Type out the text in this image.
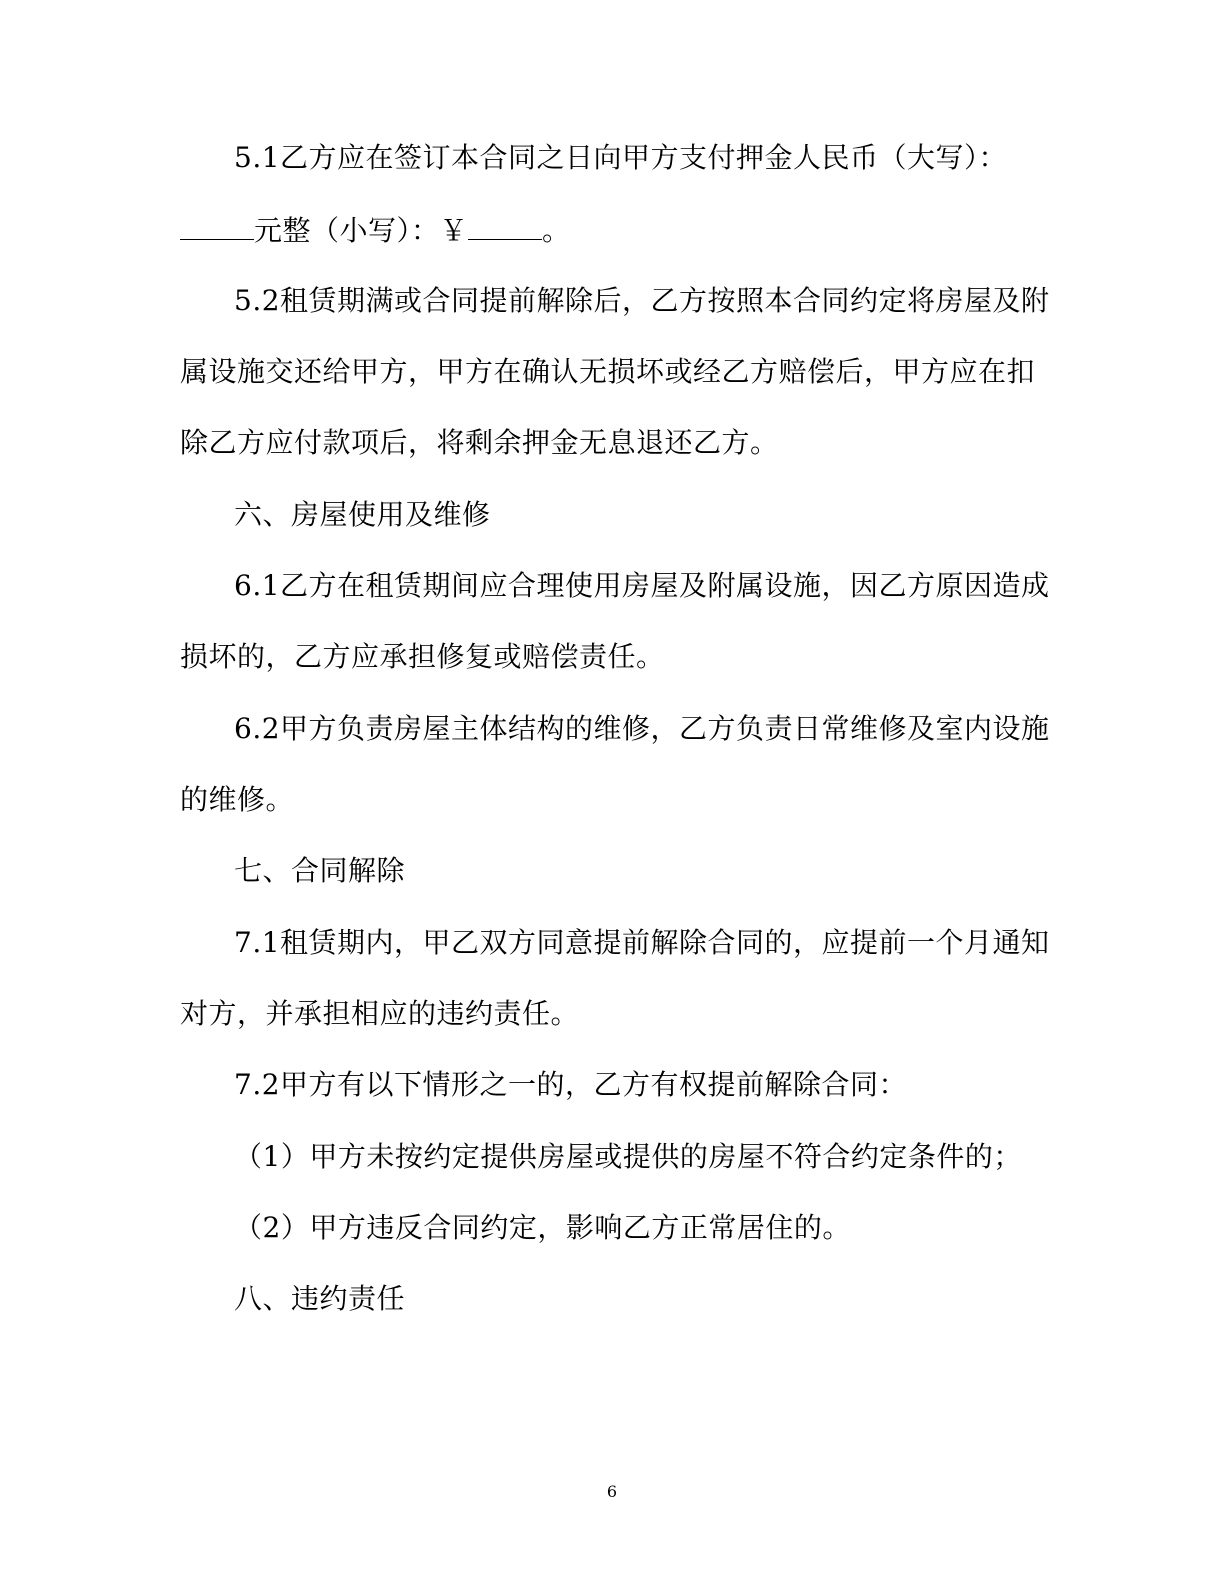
5.1乙方应在签订本合同之日向甲方支付押金人民币（大写）：
元整（小写）：￥	。
5.2租赁期满或合同提前解除后，乙方按照本合同约定将房屋及附
属设施交还给甲方，甲方在确认无损坏或经乙方赔偿后，甲方应在扣
除乙方应付款项后，将剩余押金无息退还乙方。
六、房屋使用及维修
6.1乙方在租赁期间应合理使用房屋及附属设施，因乙方原因造成
损坏的，乙方应承担修复或赔偿责任。
6.2甲方负责房屋主体结构的维修，乙方负责日常维修及室内设施
的维修。
七、合同解除
7.1租赁期内，甲乙双方同意提前解除合同的，应提前一个月通知
对方，并承担相应的违约责任。
7.2甲方有以下情形之一的，乙方有权提前解除合同：
（1）甲方未按约定提供房屋或提供的房屋不符合约定条件的；
（2）甲方违反合同约定，影响乙方正常居住的。
八、违约责任
6
